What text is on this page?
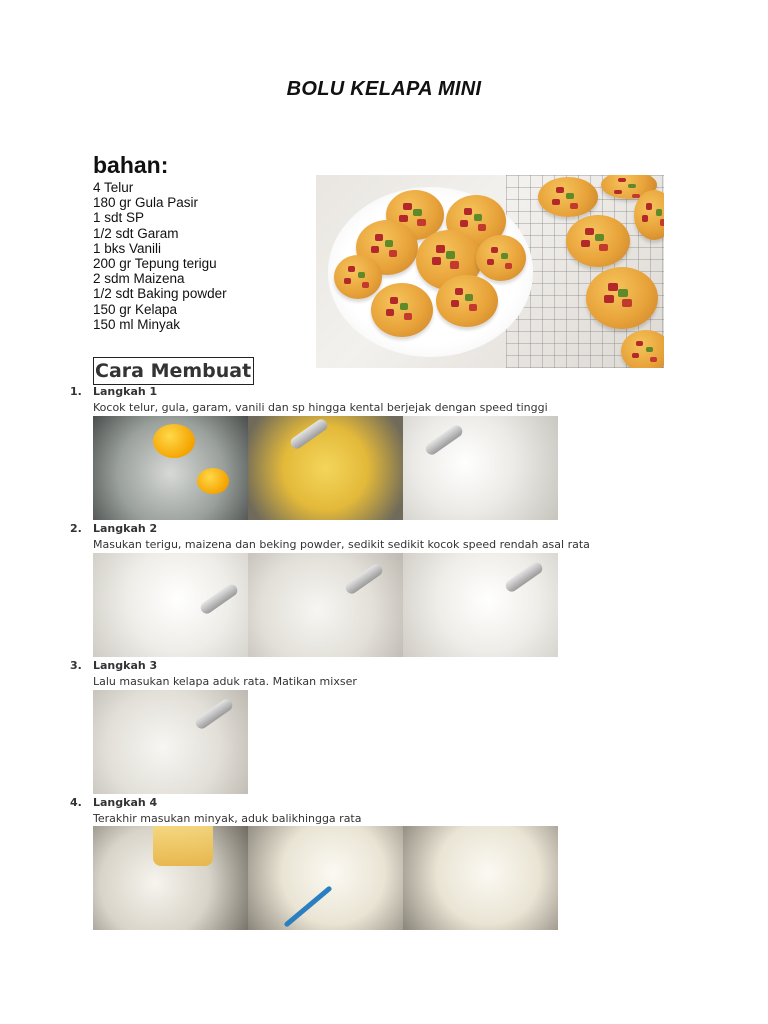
BOLU KELAPA MINI
bahan:
4 Telur
180 gr Gula Pasir
1 sdt SP
1/2 sdt Garam
1 bks Vanili
200 gr Tepung terigu
2 sdm Maizena
1/2 sdt Baking powder
150 gr Kelapa
150 ml Minyak
Cara Membuat
1. Langkah 1
Kocok telur, gula, garam, vanili dan sp hingga kental berjejak dengan speed tinggi
2. Langkah 2
Masukan terigu, maizena dan beking powder, sedikit sedikit kocok speed rendah asal rata
3. Langkah 3
Lalu masukan kelapa aduk rata. Matikan mixser
4. Langkah 4
Terakhir masukan minyak, aduk balikhingga rata
